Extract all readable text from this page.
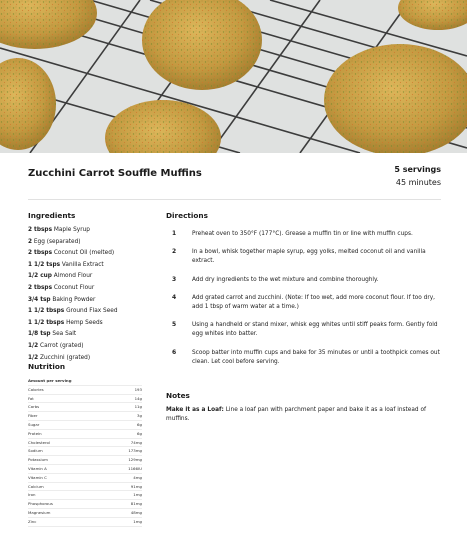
Zucchini Carrot Souffle Muffins	5 servings
45 minutes
Ingredients
2 tbsps Maple Syrup
2 Egg (separated)
2 tbsps Coconut Oil (melted)
1 1/2 tsps Vanilla Extract
1/2 cup Almond Flour
2 tbsps Coconut Flour
3/4 tsp Baking Powder
1 1/2 tbsps Ground Flax Seed
1 1/2 tbsps Hemp Seeds
1/8 tsp Sea Salt
1/2 Carrot (grated)
1/2 Zucchini (grated)
Nutrition
Amount per serving
Calories	193
Fat	14g
Carbs	11g
Fiber	3g
Sugar	6g
Protein	6g
Cholesterol	74mg
Sodium	173mg
Potassium	129mg
Vitamin A	1166IU
Vitamin C	4mg
Calcium	91mg
Iron	1mg
Phosphorous	81mg
Magnesium	48mg
Zinc	1mg
Directions
1	Preheat oven to 350°F (177°C). Grease a muffin tin or line with muffin cups.
2	In a bowl, whisk together maple syrup, egg yolks, melted coconut oil and vanilla extract.
3	Add dry ingredients to the wet mixture and combine thoroughly.
4	Add grated carrot and zucchini. (Note: If too wet, add more coconut flour. If too dry, add 1 tbsp of warm water at a time.)
5	Using a handheld or stand mixer, whisk egg whites until stiff peaks form. Gently fold egg whites into batter.
6	Scoop batter into muffin cups and bake for 35 minutes or until a toothpick comes out clean. Let cool before serving.
Notes
Make it as a Loaf: Line a loaf pan with parchment paper and bake it as a loaf instead of muffins.
